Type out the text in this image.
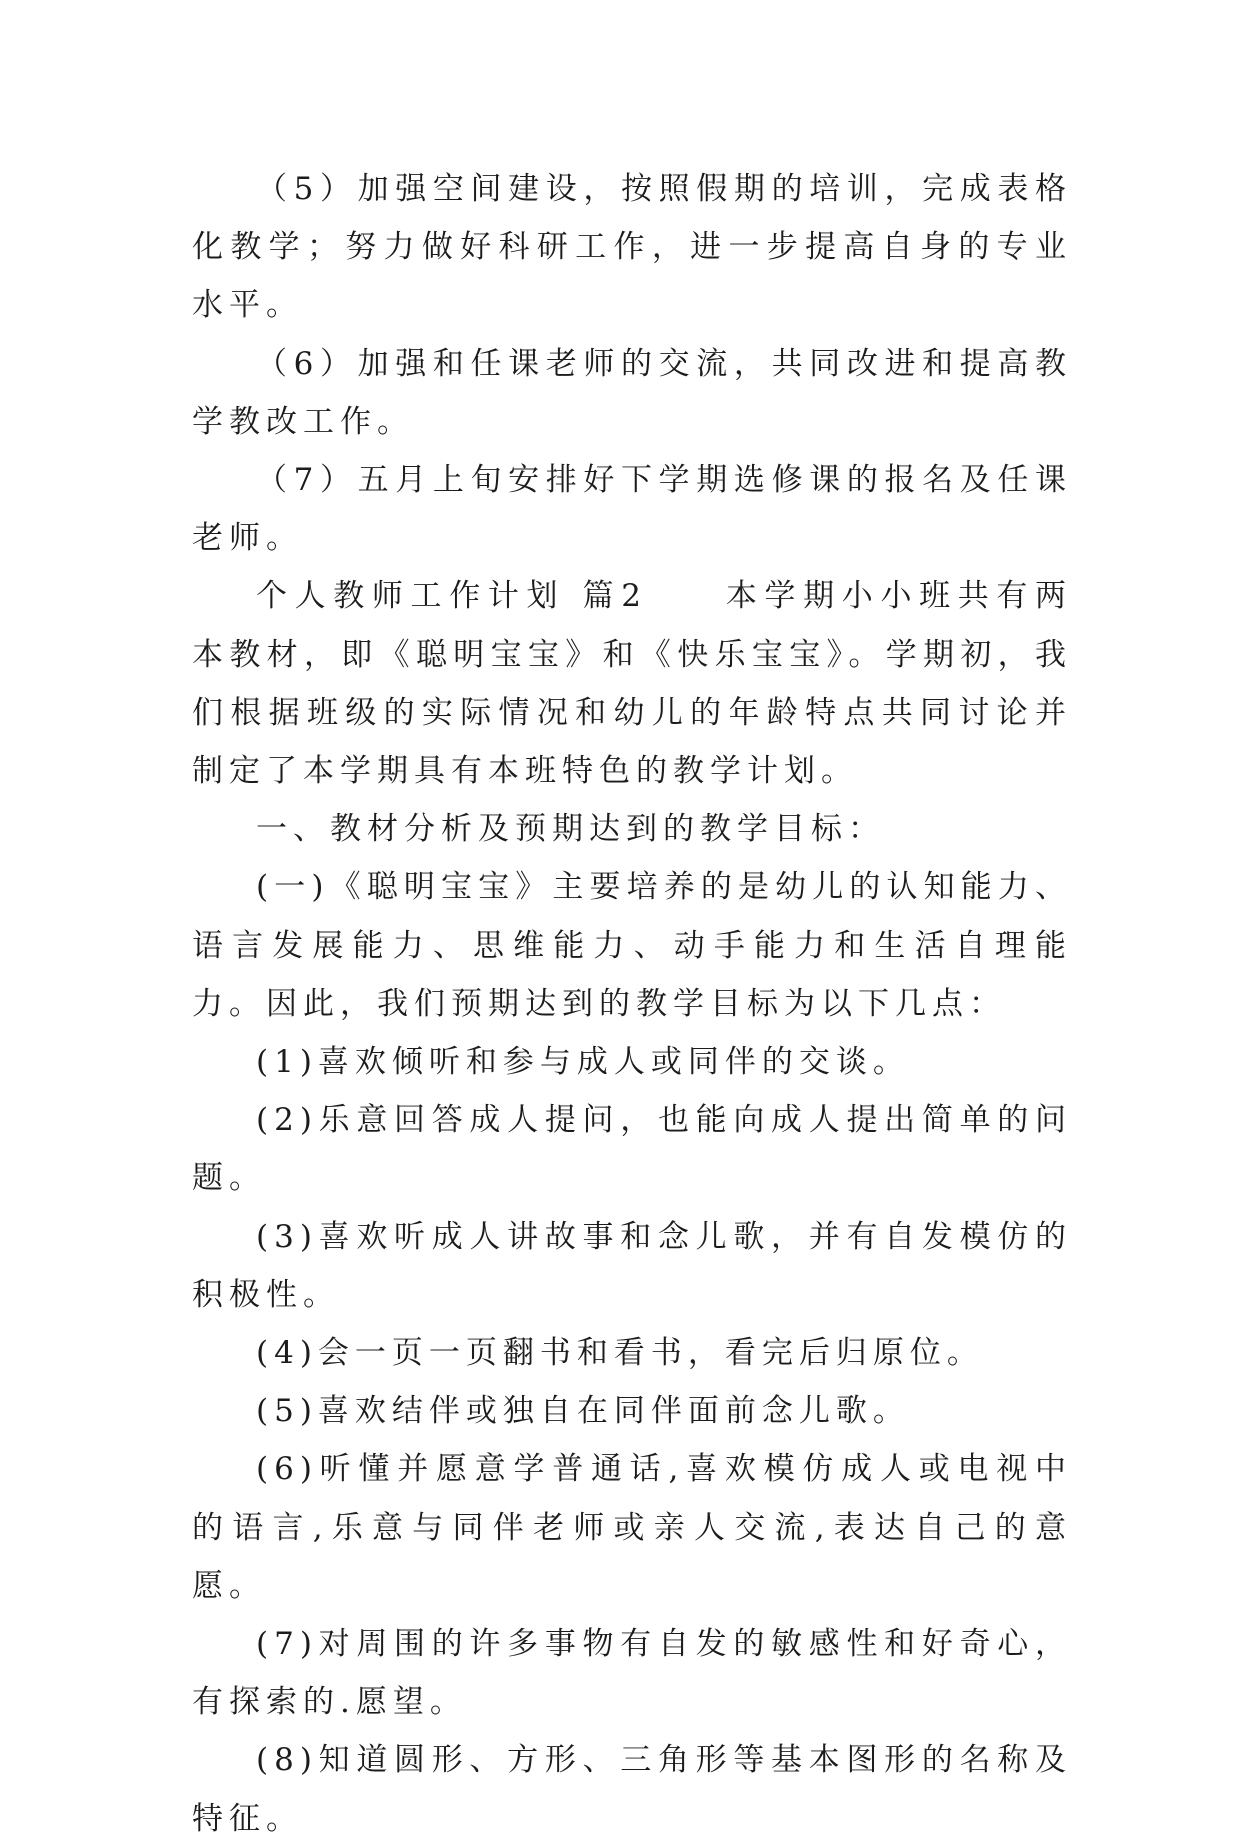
（5）加强空间建设，按照假期的培训，完成表格化教学；努力做好科研工作，进一步提高自身的专业水平。

（6）加强和任课老师的交流，共同改进和提高教学教改工作。

（7）五月上旬安排好下学期选修课的报名及任课老师。

个人教师工作计划 篇2　　本学期小小班共有两本教材，即《聪明宝宝》和《快乐宝宝》。学期初，我们根据班级的实际情况和幼儿的年龄特点共同讨论并制定了本学期具有本班特色的教学计划。

一、教材分析及预期达到的教学目标：

(一)《聪明宝宝》主要培养的是幼儿的认知能力、语言发展能力、思维能力、动手能力和生活自理能力。因此，我们预期达到的教学目标为以下几点：

(1)喜欢倾听和参与成人或同伴的交谈。

(2)乐意回答成人提问，也能向成人提出简单的问题。

(3)喜欢听成人讲故事和念儿歌，并有自发模仿的积极性。

(4)会一页一页翻书和看书，看完后归原位。

(5)喜欢结伴或独自在同伴面前念儿歌。

(6)听懂并愿意学普通话,喜欢模仿成人或电视中的语言,乐意与同伴老师或亲人交流,表达自己的意愿。

(7)对周围的许多事物有自发的敏感性和好奇心，有探索的.愿望。

(8)知道圆形、方形、三角形等基本图形的名称及特征。
